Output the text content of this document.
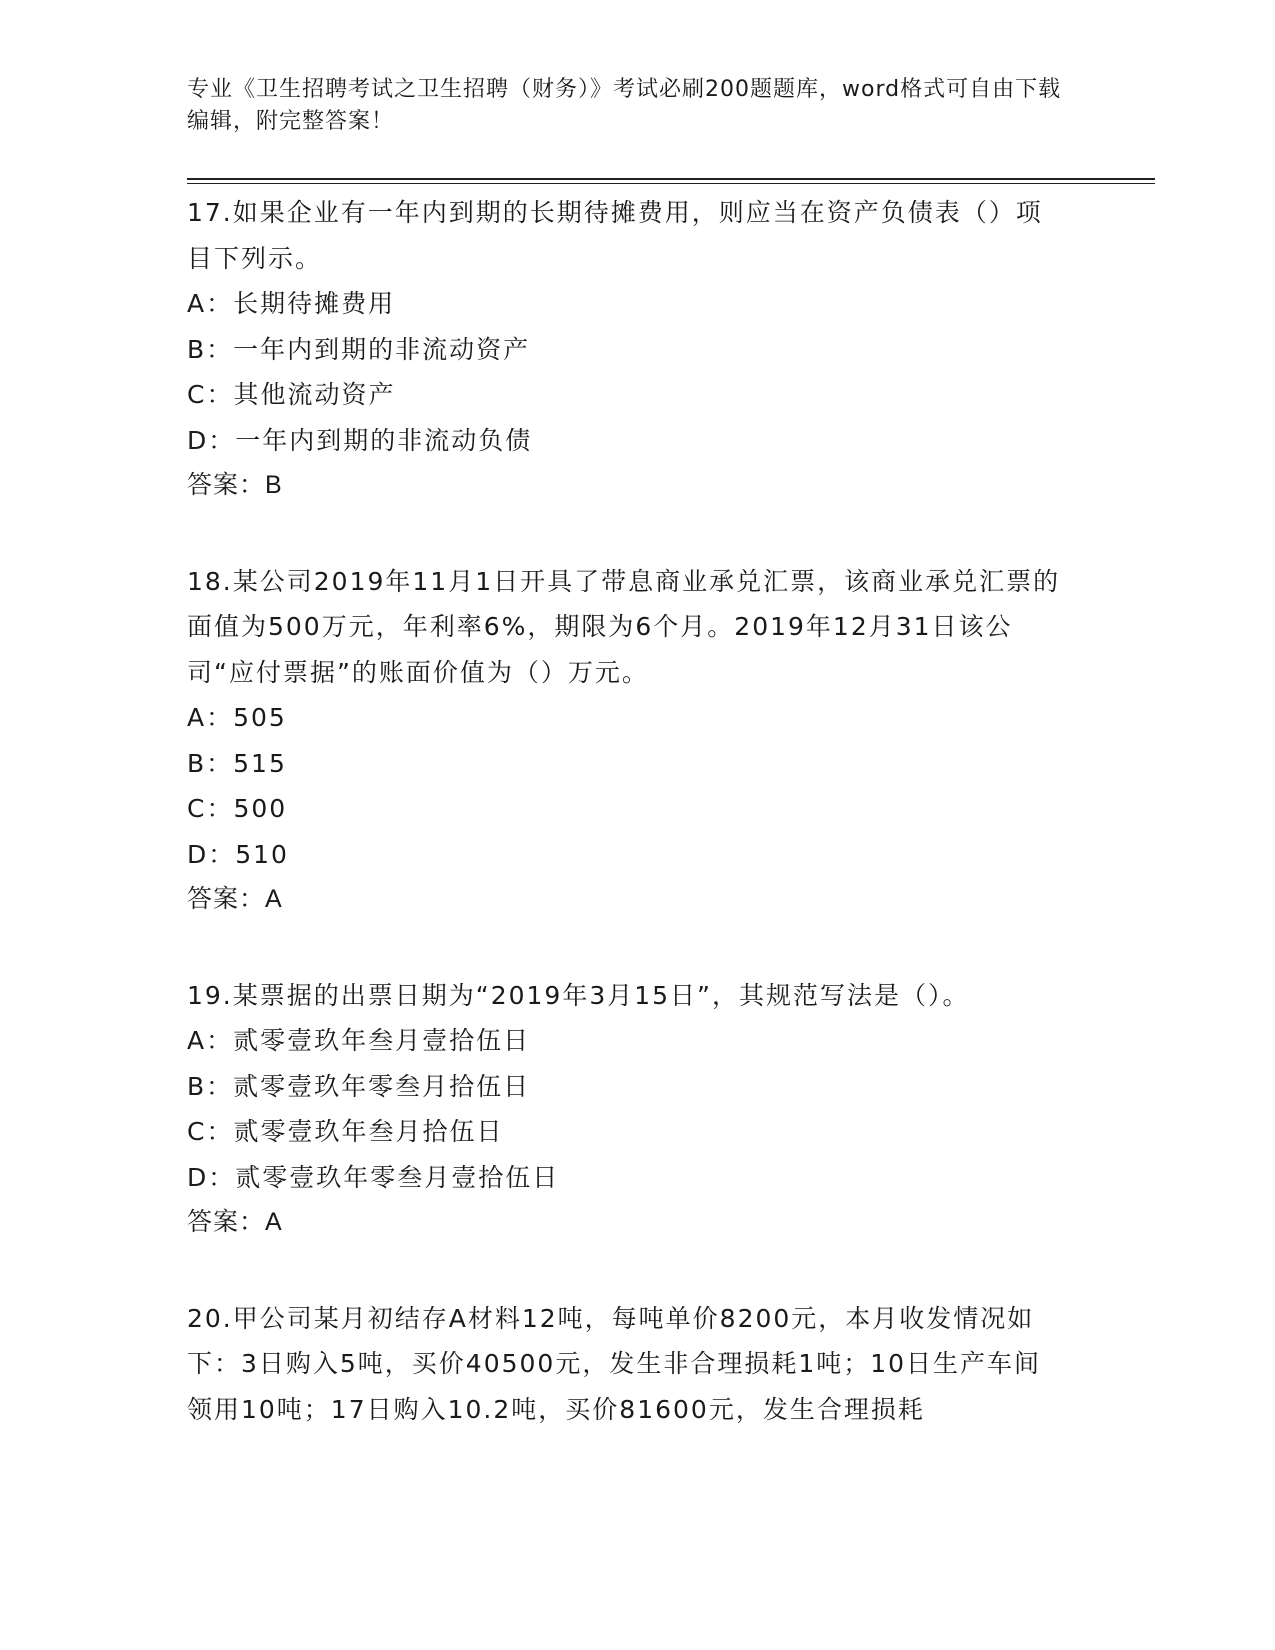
专业《卫生招聘考试之卫生招聘（财务）》考试必刷200题题库，word格式可自由下载编辑，附完整答案！
17.如果企业有一年内到期的长期待摊费用，则应当在资产负债表（）项目下列示。
A：长期待摊费用
B：一年内到期的非流动资产
C：其他流动资产
D：一年内到期的非流动负债
答案：B
18.某公司2019年11月1日开具了带息商业承兑汇票，该商业承兑汇票的面值为500万元，年利率6%，期限为6个月。2019年12月31日该公司“应付票据”的账面价值为（）万元。
A：505
B：515
C：500
D：510
答案：A
19.某票据的出票日期为“2019年3月15日”，其规范写法是（）。
A：贰零壹玖年叁月壹拾伍日
B：贰零壹玖年零叁月拾伍日
C：贰零壹玖年叁月拾伍日
D：贰零壹玖年零叁月壹拾伍日
答案：A
20.甲公司某月初结存A材料12吨，每吨单价8200元，本月收发情况如下：3日购入5吨，买价40500元，发生非合理损耗1吨；10日生产车间领用10吨；17日购入10.2吨，买价81600元，发生合理损耗
